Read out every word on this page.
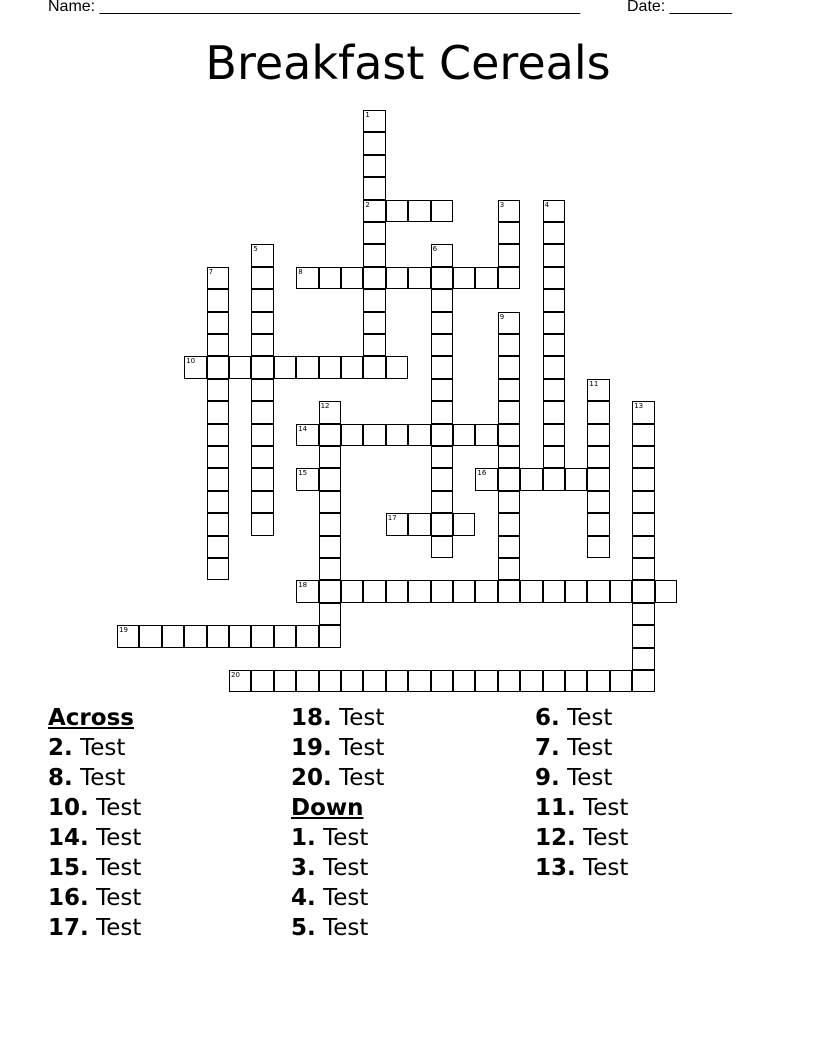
Name: ______________________________________________________	Date: _______
Breakfast Cereals
1
2	3	4
5	6
7	8
9
10
11
12	13
14
15	16
17
18
19
20
Across
2. Test
8. Test
10. Test
14. Test
15. Test
16. Test
17. Test
18. Test
19. Test
20. Test
Down
1. Test
3. Test
4. Test
5. Test
6. Test
7. Test
9. Test
11. Test
12. Test
13. Test
